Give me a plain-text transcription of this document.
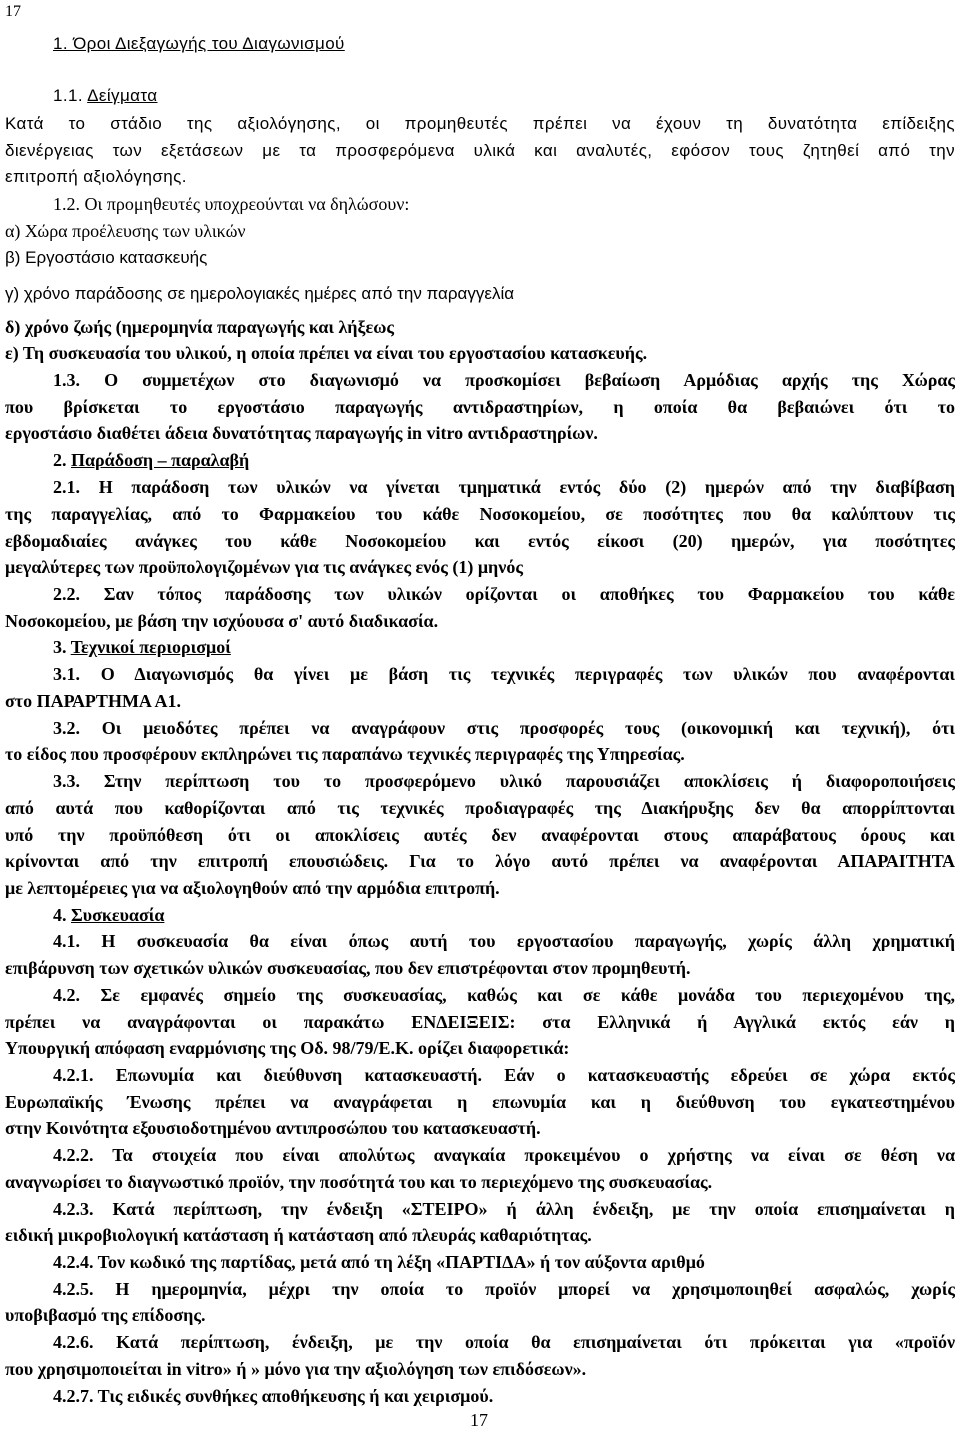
17
1. Όροι Διεξαγωγής του Διαγωνισμού
1.1. Δείγματα
Κατά το στάδιο της αξιολόγησης, οι προμηθευτές πρέπει να έχουν τη δυνατότητα επίδειξης
διενέργειας των εξετάσεων με τα προσφερόμενα υλικά και αναλυτές, εφόσον τους ζητηθεί από την
επιτροπή αξιολόγησης.
1.2. Οι προμηθευτές υποχρεούνται να δηλώσουν:
α) Χώρα προέλευσης των υλικών
β) Εργοστάσιο κατασκευής
γ) χρόνο παράδοσης σε ημερολογιακές ημέρες από την παραγγελία
δ) χρόνο ζωής (ημερομηνία παραγωγής και λήξεως
ε) Τη συσκευασία του υλικού, η οποία πρέπει να είναι του εργοστασίου κατασκευής.
1.3. Ο συμμετέχων στο διαγωνισμό να προσκομίσει βεβαίωση Αρμόδιας αρχής της Χώρας
που βρίσκεται το εργοστάσιο παραγωγής αντιδραστηρίων, η οποία θα βεβαιώνει ότι το
εργοστάσιο διαθέτει άδεια δυνατότητας παραγωγής in vitro αντιδραστηρίων.
2. Παράδοση – παραλαβή
2.1. Η παράδοση των υλικών να γίνεται τμηματικά εντός δύο (2) ημερών από την διαβίβαση
της παραγγελίας, από το Φαρμακείου του κάθε Νοσοκομείου, σε ποσότητες που θα καλύπτουν τις
εβδομαδιαίες ανάγκες του κάθε Νοσοκομείου και εντός είκοσι (20) ημερών, για ποσότητες
μεγαλύτερες των προϋπολογιζομένων για τις ανάγκες ενός (1) μηνός
2.2. Σαν τόπος παράδοσης των υλικών ορίζονται οι αποθήκες του Φαρμακείου του κάθε
Νοσοκομείου, με βάση την ισχύουσα σ' αυτό διαδικασία.
3. Τεχνικοί περιορισμοί
3.1. Ο Διαγωνισμός θα γίνει με βάση τις τεχνικές περιγραφές των υλικών που αναφέρονται
στο ΠΑΡΑΡΤΗΜΑ Α1.
3.2. Οι μειοδότες πρέπει να αναγράφουν στις προσφορές τους (οικονομική και τεχνική), ότι
το είδος που προσφέρουν εκπληρώνει τις παραπάνω τεχνικές περιγραφές της Υπηρεσίας.
3.3. Στην περίπτωση του το προσφερόμενο υλικό παρουσιάζει αποκλίσεις ή διαφοροποιήσεις
από αυτά που καθορίζονται από τις τεχνικές προδιαγραφές της Διακήρυξης δεν θα απορρίπτονται
υπό την προϋπόθεση ότι οι αποκλίσεις αυτές δεν αναφέρονται στους απαράβατους όρους και
κρίνονται από την επιτροπή επουσιώδεις. Για το λόγο αυτό πρέπει να αναφέρονται ΑΠΑΡΑΙΤΗΤΑ
με λεπτομέρειες για να αξιολογηθούν από την αρμόδια επιτροπή.
4. Συσκευασία
4.1. Η συσκευασία θα είναι όπως αυτή του εργοστασίου παραγωγής, χωρίς άλλη χρηματική
επιβάρυνση των σχετικών υλικών συσκευασίας, που δεν επιστρέφονται στον προμηθευτή.
4.2. Σε εμφανές σημείο της συσκευασίας, καθώς και σε κάθε μονάδα του περιεχομένου της,
πρέπει να αναγράφονται οι παρακάτω ΕΝΔΕΙΞΕΙΣ: στα Ελληνικά ή Αγγλικά εκτός εάν η
Υπουργική απόφαση εναρμόνισης της Οδ. 98/79/Ε.Κ. ορίζει διαφορετικά:
4.2.1. Επωνυμία και διεύθυνση κατασκευαστή. Εάν ο κατασκευαστής εδρεύει σε χώρα εκτός
Ευρωπαϊκής Ένωσης πρέπει να αναγράφεται η επωνυμία και η διεύθυνση του εγκατεστημένου
στην Κοινότητα εξουσιοδοτημένου αντιπροσώπου του κατασκευαστή.
4.2.2. Τα στοιχεία που είναι απολύτως αναγκαία προκειμένου ο χρήστης να είναι σε θέση να
αναγνωρίσει το διαγνωστικό προϊόν, την ποσότητά του και το περιεχόμενο της συσκευασίας.
4.2.3. Κατά περίπτωση, την ένδειξη «ΣΤΕΙΡΟ» ή άλλη ένδειξη, με την οποία επισημαίνεται η
ειδική μικροβιολογική κατάσταση ή κατάσταση από πλευράς καθαριότητας.
4.2.4. Τον κωδικό της παρτίδας, μετά από τη λέξη «ΠΑΡΤΙΔΑ» ή τον αύξοντα αριθμό
4.2.5. Η ημερομηνία, μέχρι την οποία το προϊόν μπορεί να χρησιμοποιηθεί ασφαλώς, χωρίς
υποβιβασμό της επίδοσης.
4.2.6. Κατά περίπτωση, ένδειξη, με την οποία θα επισημαίνεται ότι πρόκειται για «προϊόν
που χρησιμοποιείται in vitro» ή » μόνο για την αξιολόγηση των επιδόσεων».
4.2.7. Τις ειδικές συνθήκες αποθήκευσης ή και χειρισμού.
17
